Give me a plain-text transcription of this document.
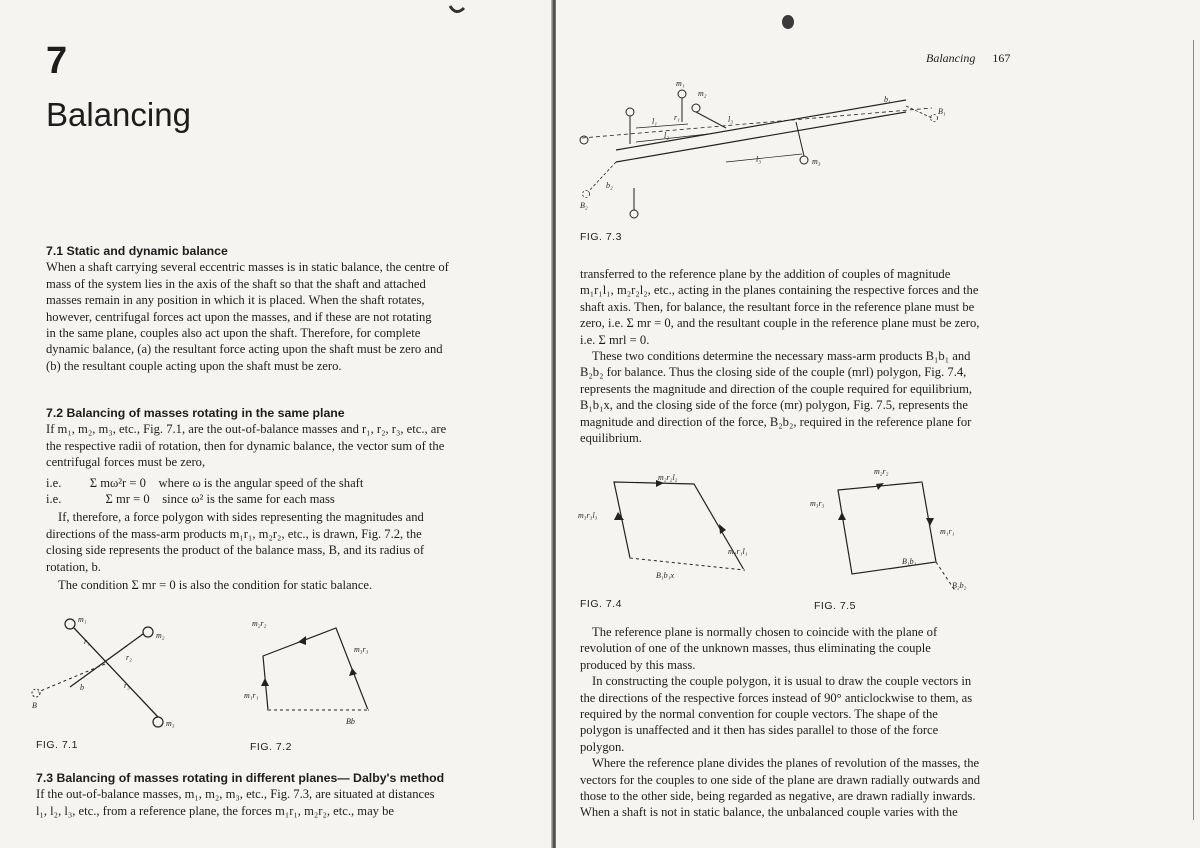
7
Balancing

7.1 Static and dynamic balance

When a shaft carrying several eccentric masses is in static balance, the centre of

mass of the system lies in the axis of the shaft so that the shaft and attached

masses remain in any position in which it is placed. When the shaft rotates,

however, centrifugal forces act upon the masses, and if these are not rotating

in the same plane, couples also act upon the shaft. Therefore, for complete

dynamic balance, (a) the resultant force acting upon the shaft must be zero and

(b) the resultant couple acting upon the shaft must be zero.

7.2 Balancing of masses rotating in the same plane

If m₁, m₂, m₃, etc., Fig. 7.1, are the out-of-balance masses and r₁, r₂, r₃, etc., are

the respective radii of rotation, then for dynamic balance, the vector sum of the

centrifugal forces must be zero,

i.e.         Σ mω²r = 0    where ω is the angular speed of the shaft

i.e.              Σ mr = 0    since ω² is the same for each mass

If, therefore, a force polygon with sides representing the magnitudes and

directions of the mass-arm products m₁r₁, m₂r₂, etc., is drawn, Fig. 7.2, the

closing side represents the product of the balance mass, B, and its radius of

rotation, b.

The condition Σ mr = 0 is also the condition for static balance.

m₁
m₂
m₃
r₁
r₂
r₃
b
B
FIG. 7.1
m₂r₂
m₃r₃
m₁r₁
Bb
FIG. 7.2

7.3 Balancing of masses rotating in different planes— Dalby's method

If the out-of-balance masses, m₁, m₂, m₃, etc., Fig. 7.3, are situated at distances

l₁, l₂, l₃, etc., from a reference plane, the forces m₁r₁, m₂r₂, etc., may be

Balancing 167
m₁
m₂
m₃
r₁
l₁
l₂
l₃
l₃
B₂
b₂
B₁
b₁
FIG. 7.3

transferred to the reference plane by the addition of couples of magnitude

m₁r₁l₁, m₂r₂l₂, etc., acting in the planes containing the respective forces and the

shaft axis. Then, for balance, the resultant force in the reference plane must be

zero, i.e. Σ mr = 0, and the resultant couple in the reference plane must be zero,

i.e. Σ mrl = 0.

These two conditions determine the necessary mass-arm products B₁b₁ and

B₂b₂ for balance. Thus the closing side of the couple (mrl) polygon, Fig. 7.4,

represents the magnitude and direction of the couple required for equilibrium,

B₁b₁x, and the closing side of the force (mr) polygon, Fig. 7.5, represents the

magnitude and direction of the force, B₂b₂, required in the reference plane for

equilibrium.

m₂r₂l₂
m₃r₃l₃
m₁r₁l₁
B₁b₁x
FIG. 7.4
m₂r₂
m₃r₃
m₁r₁
B₁b₁
B₂b₂
FIG. 7.5

The reference plane is normally chosen to coincide with the plane of

revolution of one of the unknown masses, thus eliminating the couple

produced by this mass.

In constructing the couple polygon, it is usual to draw the couple vectors in

the directions of the respective forces instead of 90° anticlockwise to them, as

required by the normal convention for couple vectors. The shape of the

polygon is unaffected and it then has sides parallel to those of the force

polygon.

Where the reference plane divides the planes of revolution of the masses, the

vectors for the couples to one side of the plane are drawn radially outwards and

those to the other side, being regarded as negative, are drawn radially inwards.

When a shaft is not in static balance, the unbalanced couple varies with the
